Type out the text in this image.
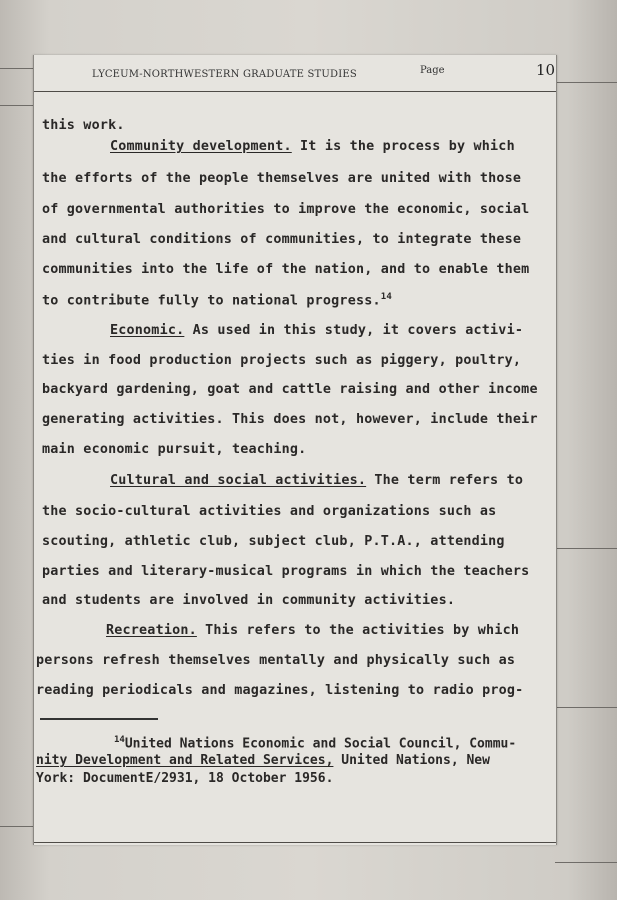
LYCEUM-NORTHWESTERN GRADUATE STUDIES	Page	10
this work.
Community development. It is the process by which
the efforts of the people themselves are united with those
of governmental authorities to improve the economic, social
and cultural conditions of communities, to integrate these
communities into the life of the nation, and to enable them
to contribute fully to national progress.$^{14}$
Economic. As used in this study, it covers activi-
ties in food production projects such as piggery, poultry,
backyard gardening, goat and cattle raising and other income
generating activities. This does not, however, include their
main economic pursuit, teaching.
Cultural and social activities. The term refers to
the socio-cultural activities and organizations such as
scouting, athletic club, subject club, P.T.A., attending
parties and literary-musical programs in which the teachers
and students are involved in community activities.
Recreation. This refers to the activities by which
persons refresh themselves mentally and physically such as
reading periodicals and magazines, listening to radio prog-
$^{14}$United Nations Economic and Social Council, Commu-
nity Development and Related Services, United Nations, New
York: DocumentE/2931, 18 October 1956.
